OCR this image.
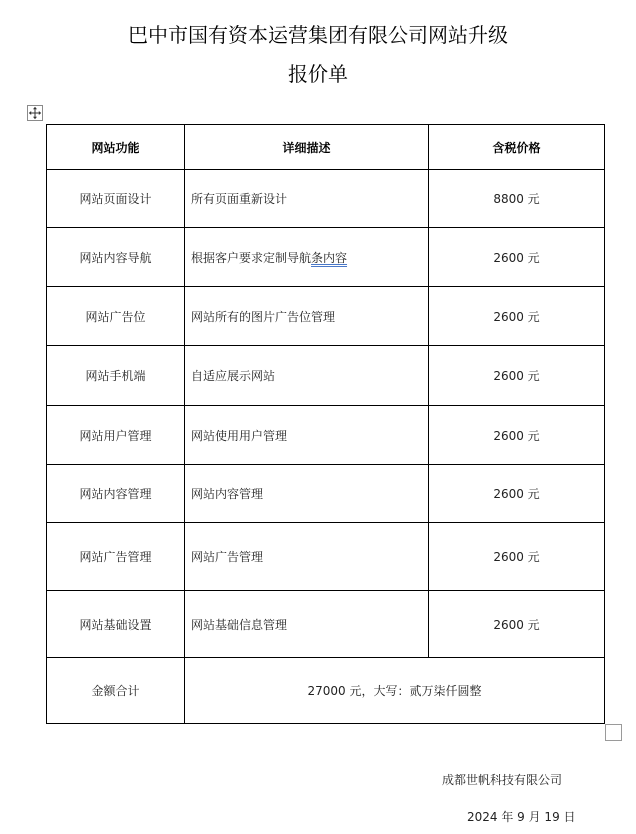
巴中市国有资本运营集团有限公司网站升级
报价单
网站功能	详细描述	含税价格
网站页面设计	所有页面重新设计	8800 元
网站内容导航	根据客户要求定制导航条内容	2600 元
网站广告位	网站所有的图片广告位管理	2600 元
网站手机端	自适应展示网站	2600 元
网站用户管理	网站使用用户管理	2600 元
网站内容管理	网站内容管理	2600 元
网站广告管理	网站广告管理	2600 元
网站基础设置	网站基础信息管理	2600 元
金额合计	27000 元，大写：贰万柒仟圆整	
成都世帆科技有限公司
2024 年 9 月 19 日
